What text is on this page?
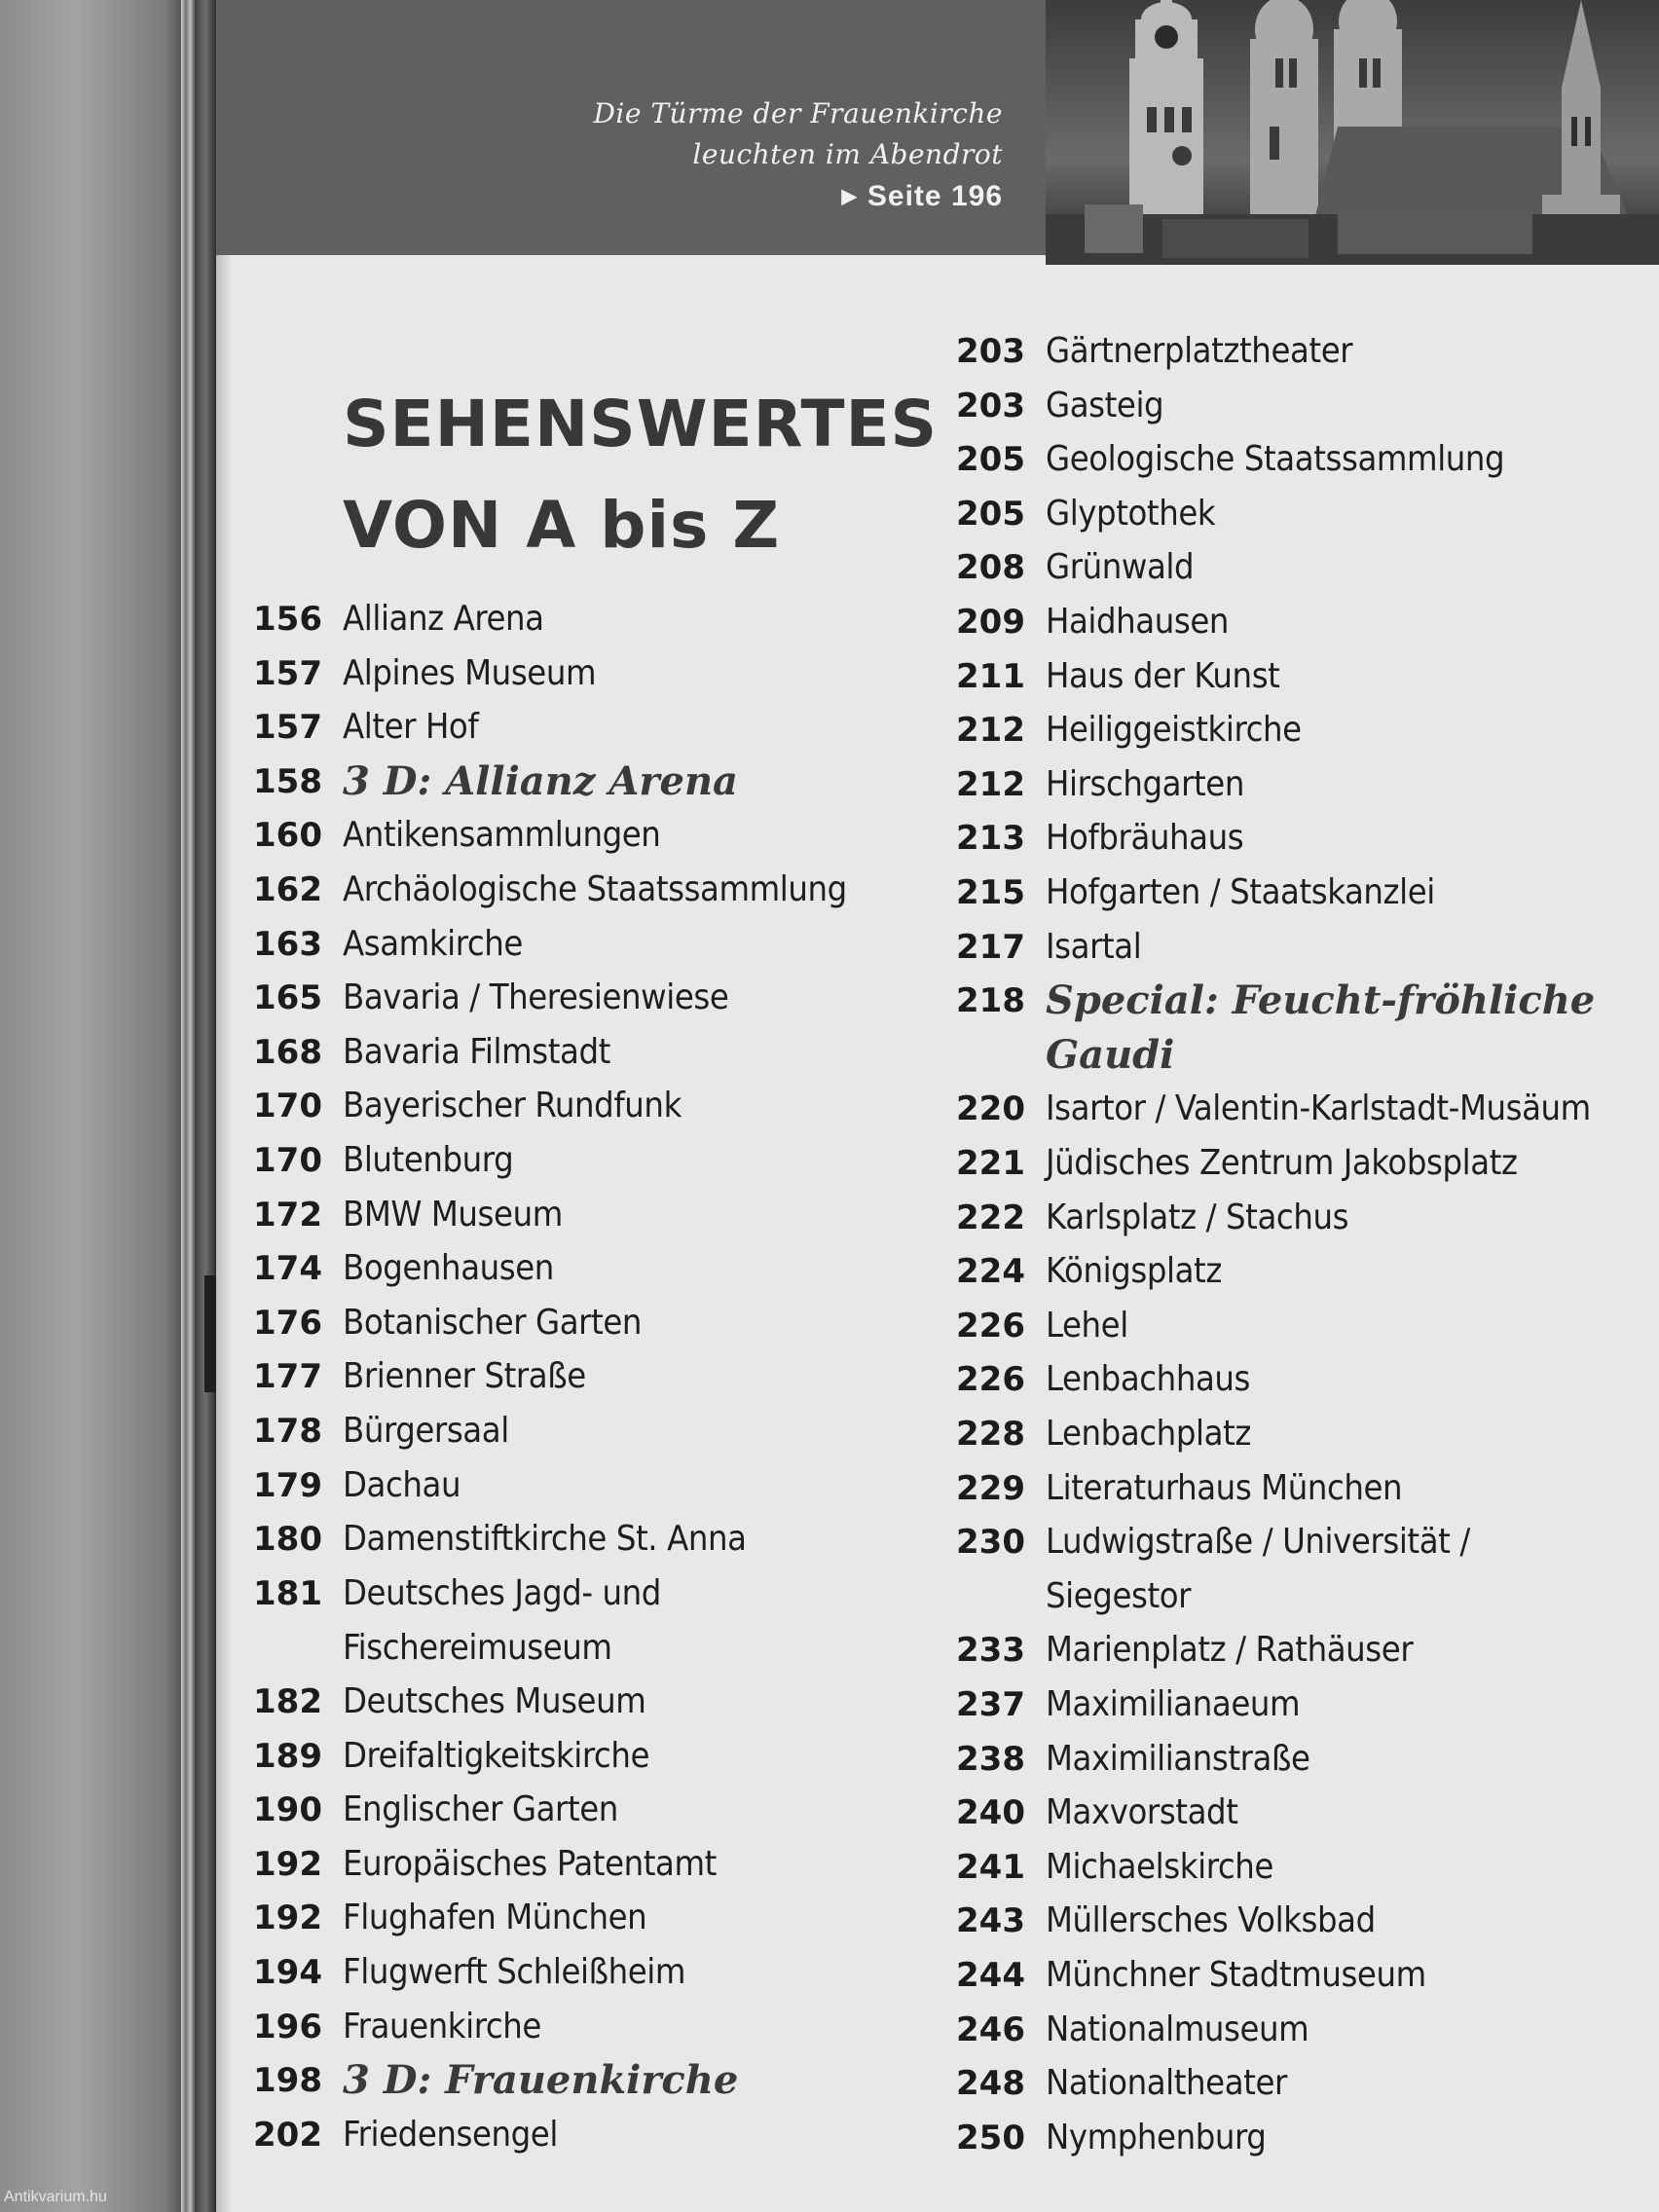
Die Türme der Frauenkirche
leuchten im Abendrot
▶ Seite 196
SEHENSWERTES
VON A bis Z
156 Allianz Arena
157 Alpines Museum
157 Alter Hof
158 3 D: Allianz Arena
160 Antikensammlungen
162 Archäologische Staatssammlung
163 Asamkirche
165 Bavaria / Theresienwiese
168 Bavaria Filmstadt
170 Bayerischer Rundfunk
170 Blutenburg
172 BMW Museum
174 Bogenhausen
176 Botanischer Garten
177 Brienner Straße
178 Bürgersaal
179 Dachau
180 Damenstiftkirche St. Anna
181 Deutsches Jagd- und
Fischereimuseum
182 Deutsches Museum
189 Dreifaltigkeitskirche
190 Englischer Garten
192 Europäisches Patentamt
192 Flughafen München
194 Flugwerft Schleißheim
196 Frauenkirche
198 3 D: Frauenkirche
202 Friedensengel
203 Gärtnerplatztheater
203 Gasteig
205 Geologische Staatssammlung
205 Glyptothek
208 Grünwald
209 Haidhausen
211 Haus der Kunst
212 Heiliggeistkirche
212 Hirschgarten
213 Hofbräuhaus
215 Hofgarten / Staatskanzlei
217 Isartal
218 Special: Feucht-fröhliche
Gaudi
220 Isartor / Valentin-Karlstadt-Musäum
221 Jüdisches Zentrum Jakobsplatz
222 Karlsplatz / Stachus
224 Königsplatz
226 Lehel
226 Lenbachhaus
228 Lenbachplatz
229 Literaturhaus München
230 Ludwigstraße / Universität /
Siegestor
233 Marienplatz / Rathäuser
237 Maximilianaeum
238 Maximilianstraße
240 Maxvorstadt
241 Michaelskirche
243 Müllersches Volksbad
244 Münchner Stadtmuseum
246 Nationalmuseum
248 Nationaltheater
250 Nymphenburg
Antikvarium.hu
